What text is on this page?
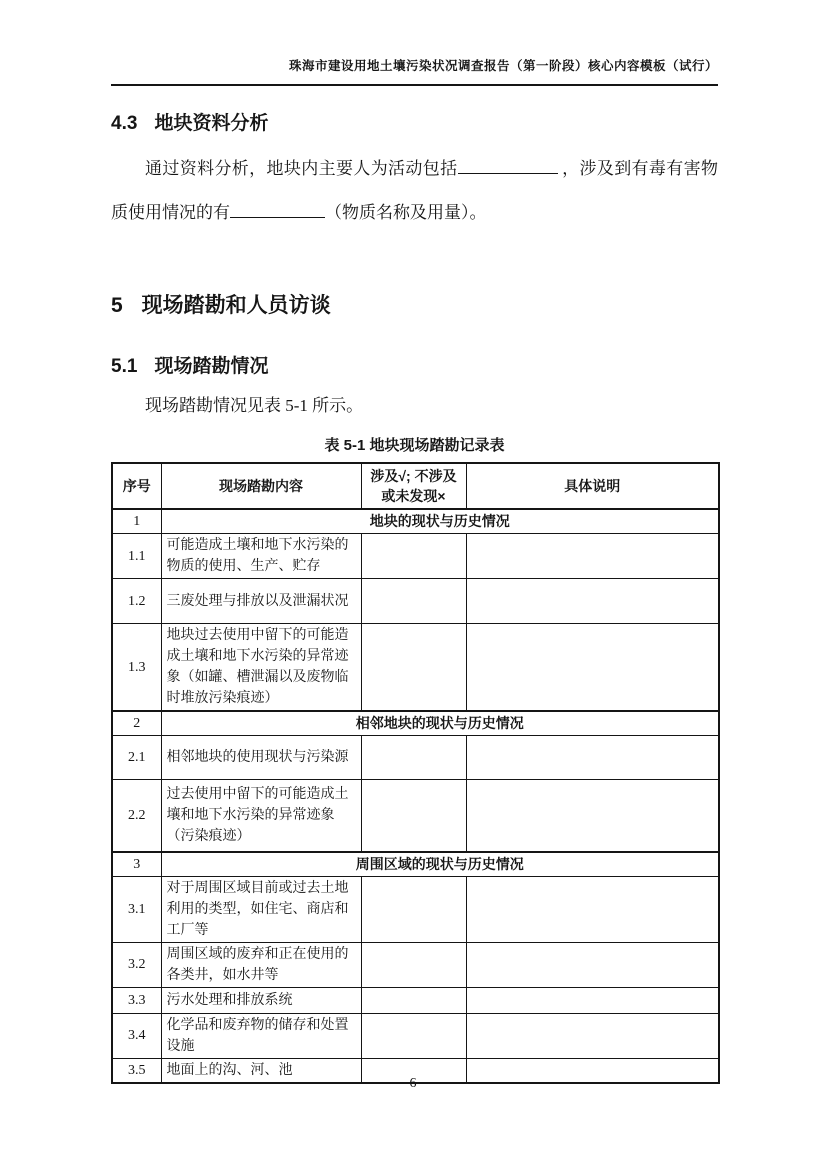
珠海市建设用地土壤污染状况调查报告（第一阶段）核心内容模板（试行）

4.3 地块资料分析

通过资料分析，地块内主要人为活动包括	，涉及到有毒有害物质使用情况的有	（物质名称及用量）。

5 现场踏勘和人员访谈

5.1 现场踏勘情况

现场踏勘情况见表 5-1 所示。

表 5-1 地块现场踏勘记录表

序号	现场踏勘内容	涉及√; 不涉及或未发现×	具体说明
1	地块的现状与历史情况		
1.1	可能造成土壤和地下水污染的物质的使用、生产、贮存		
1.2	三废处理与排放以及泄漏状况		
1.3	地块过去使用中留下的可能造成土壤和地下水污染的异常迹象（如罐、槽泄漏以及废物临时堆放污染痕迹）		
2	相邻地块的现状与历史情况		
2.1	相邻地块的使用现状与污染源		
2.2	过去使用中留下的可能造成土壤和地下水污染的异常迹象（污染痕迹）		
3	周围区域的现状与历史情况		
3.1	对于周围区域目前或过去土地利用的类型，如住宅、商店和工厂等		
3.2	周围区域的废弃和正在使用的各类井，如水井等		
3.3	污水处理和排放系统		
3.4	化学品和废弃物的储存和处置设施		
3.5	地面上的沟、河、池		
6
